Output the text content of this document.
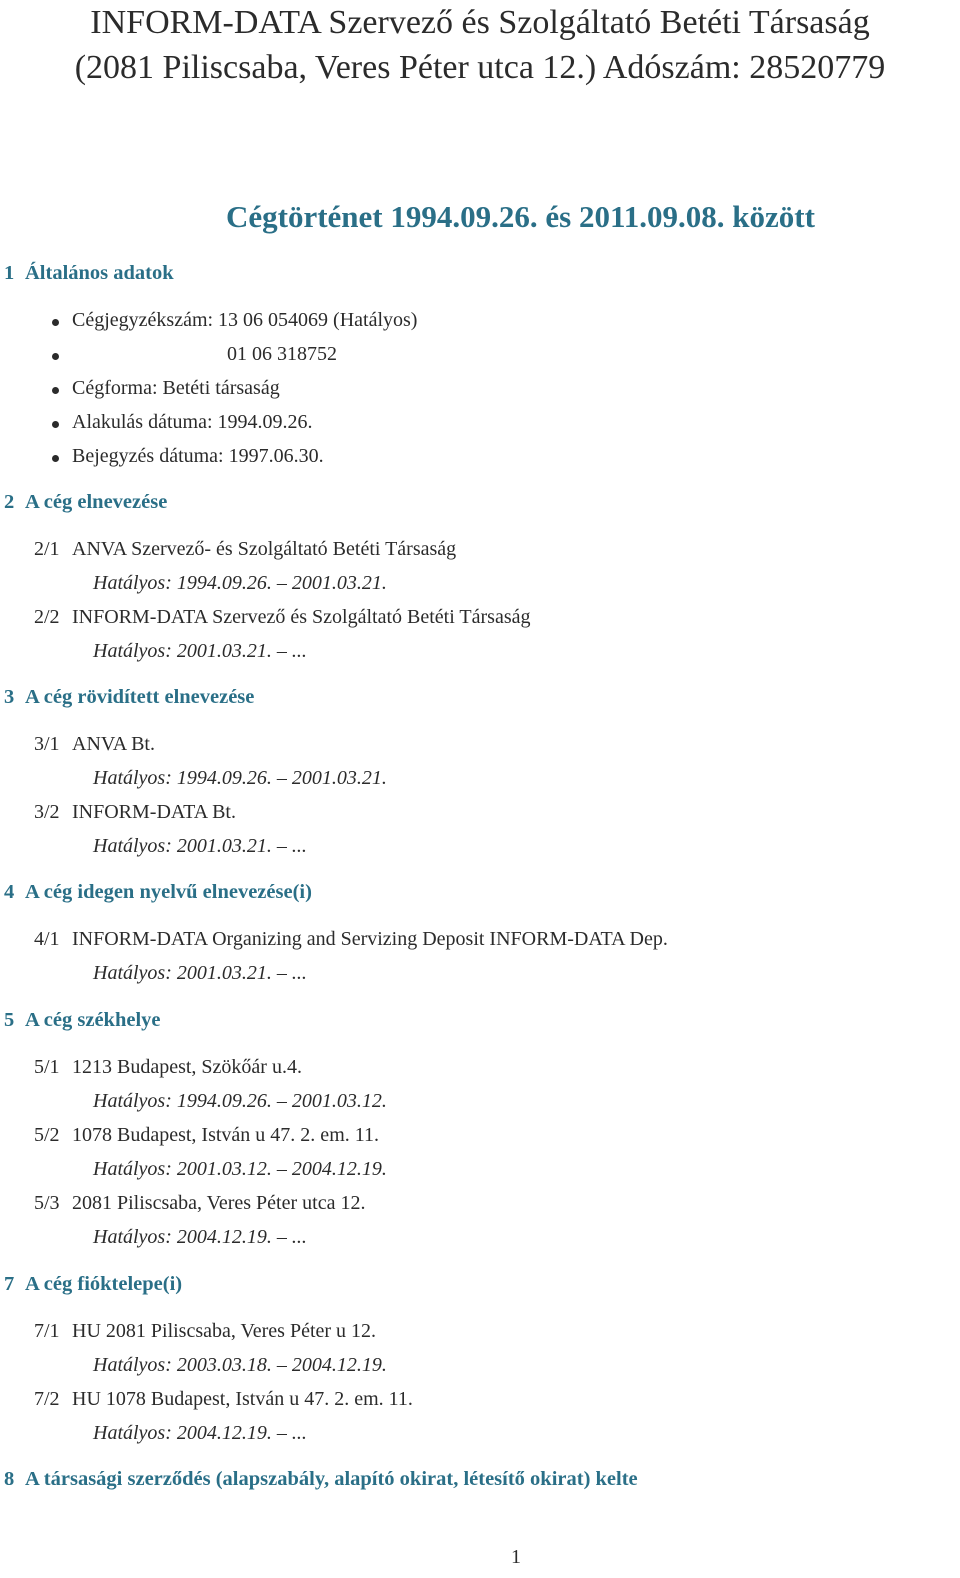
INFORM-DATA Szervező és Szolgáltató Betéti Társaság
(2081 Piliscsaba, Veres Péter utca 12.) Adószám: 28520779
Cégtörténet 1994.09.26. és 2011.09.08. között
1 Általános adatok
Cégjegyzékszám: 13 06 054069 (Hatályos)
01 06 318752
Cégforma: Betéti társaság
Alakulás dátuma: 1994.09.26.
Bejegyzés dátuma: 1997.06.30.
2 A cég elnevezése
2/1 ANVA Szervező- és Szolgáltató Betéti Társaság
Hatályos: 1994.09.26. – 2001.03.21.
2/2 INFORM-DATA Szervező és Szolgáltató Betéti Társaság
Hatályos: 2001.03.21. – ...
3 A cég rövidített elnevezése
3/1 ANVA Bt.
Hatályos: 1994.09.26. – 2001.03.21.
3/2 INFORM-DATA Bt.
Hatályos: 2001.03.21. – ...
4 A cég idegen nyelvű elnevezése(i)
4/1 INFORM-DATA Organizing and Servizing Deposit INFORM-DATA Dep.
Hatályos: 2001.03.21. – ...
5 A cég székhelye
5/1 1213 Budapest, Szökőár u.4.
Hatályos: 1994.09.26. – 2001.03.12.
5/2 1078 Budapest, István u 47. 2. em. 11.
Hatályos: 2001.03.12. – 2004.12.19.
5/3 2081 Piliscsaba, Veres Péter utca 12.
Hatályos: 2004.12.19. – ...
7 A cég fióktelepe(i)
7/1 HU 2081 Piliscsaba, Veres Péter u 12.
Hatályos: 2003.03.18. – 2004.12.19.
7/2 HU 1078 Budapest, István u 47. 2. em. 11.
Hatályos: 2004.12.19. – ...
8 A társasági szerződés (alapszabály, alapító okirat, létesítő okirat) kelte
1
